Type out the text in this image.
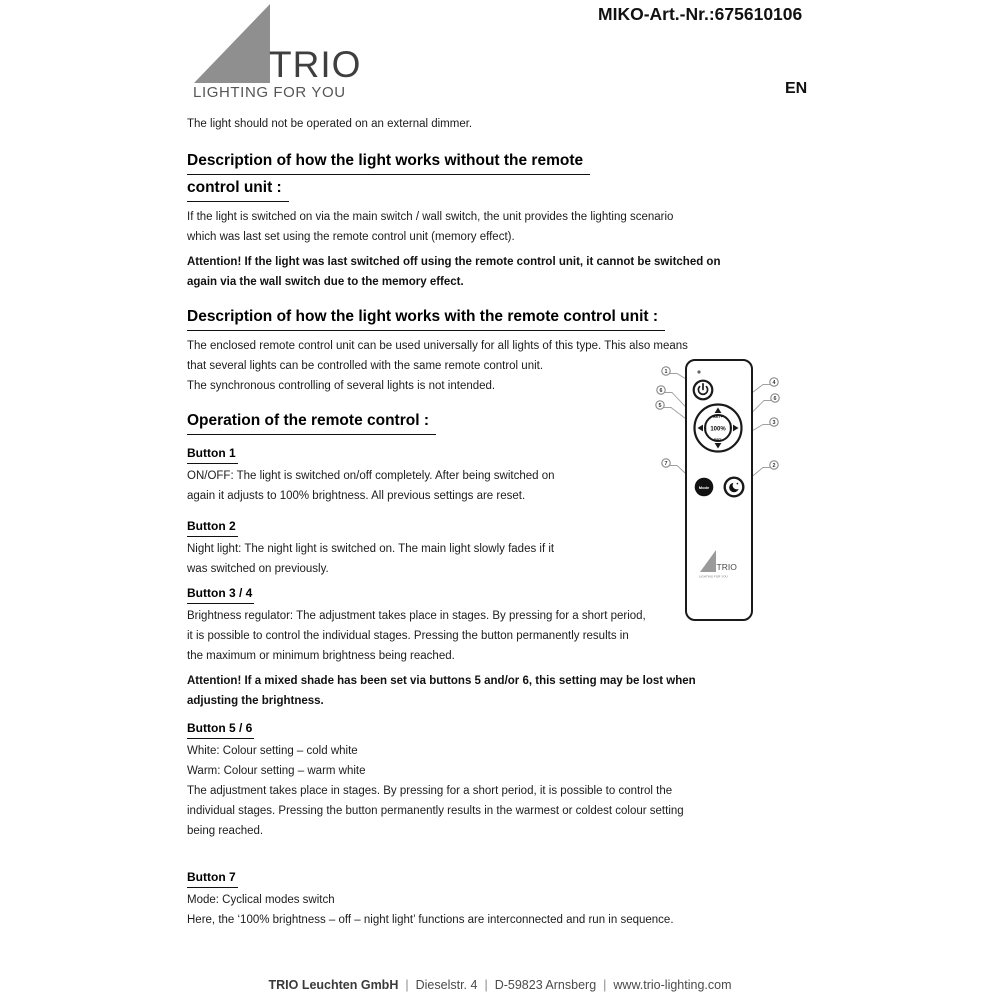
TRIO
LIGHTING FOR YOU
MIKO-Art.-Nr.:675610106
EN
The light should not be operated on an external dimmer.
Description of how the light works without the remote
control unit :
If the light is switched on via the main switch / wall switch, the unit provides the lighting scenario
which was last set using the remote control unit (memory effect).
Attention! If the light was last switched off using the remote control unit, it cannot be switched on
again via the wall switch due to the memory effect.
Description of how the light works with the remote control unit :
The enclosed remote control unit can be used universally for all lights of this type. This also means
that several lights can be controlled with the same remote control unit.
The synchronous controlling of several lights is not intended.
Operation of the remote control :
Button 1
ON/OFF: The light is switched on/off completely. After being switched on
again it adjusts to 100% brightness. All previous settings are reset.
Button 2
Night light: The night light is switched on. The main light slowly fades if it
was switched on previously.
Button 3 / 4
Brightness regulator: The adjustment takes place in stages. By pressing for a short period,
it is possible to control the individual stages. Pressing the button permanently results in
the maximum or minimum brightness being reached.
Attention! If a mixed shade has been set via buttons 5 and/or 6, this setting may be lost when
adjusting the brightness.
Button 5 / 6
White: Colour setting – cold white
Warm: Colour setting – warm white
The adjustment takes place in stages. By pressing for a short period, it is possible to control the
individual stages. Pressing the button permanently results in the warmest or coldest colour setting
being reached.
Button 7
Mode: Cyclical modes switch
Here, the ‘100% brightness – off – night light’ functions are interconnected and run in sequence.
100%
BRT+
BRT-
WARM	WHITE
Mode
TRIO
LIGHTING FOR YOU
1
6
5
7
4
6
3
2
TRIO Leuchten GmbH | Dieselstr. 4 | D-59823 Arnsberg | www.trio-lighting.com
